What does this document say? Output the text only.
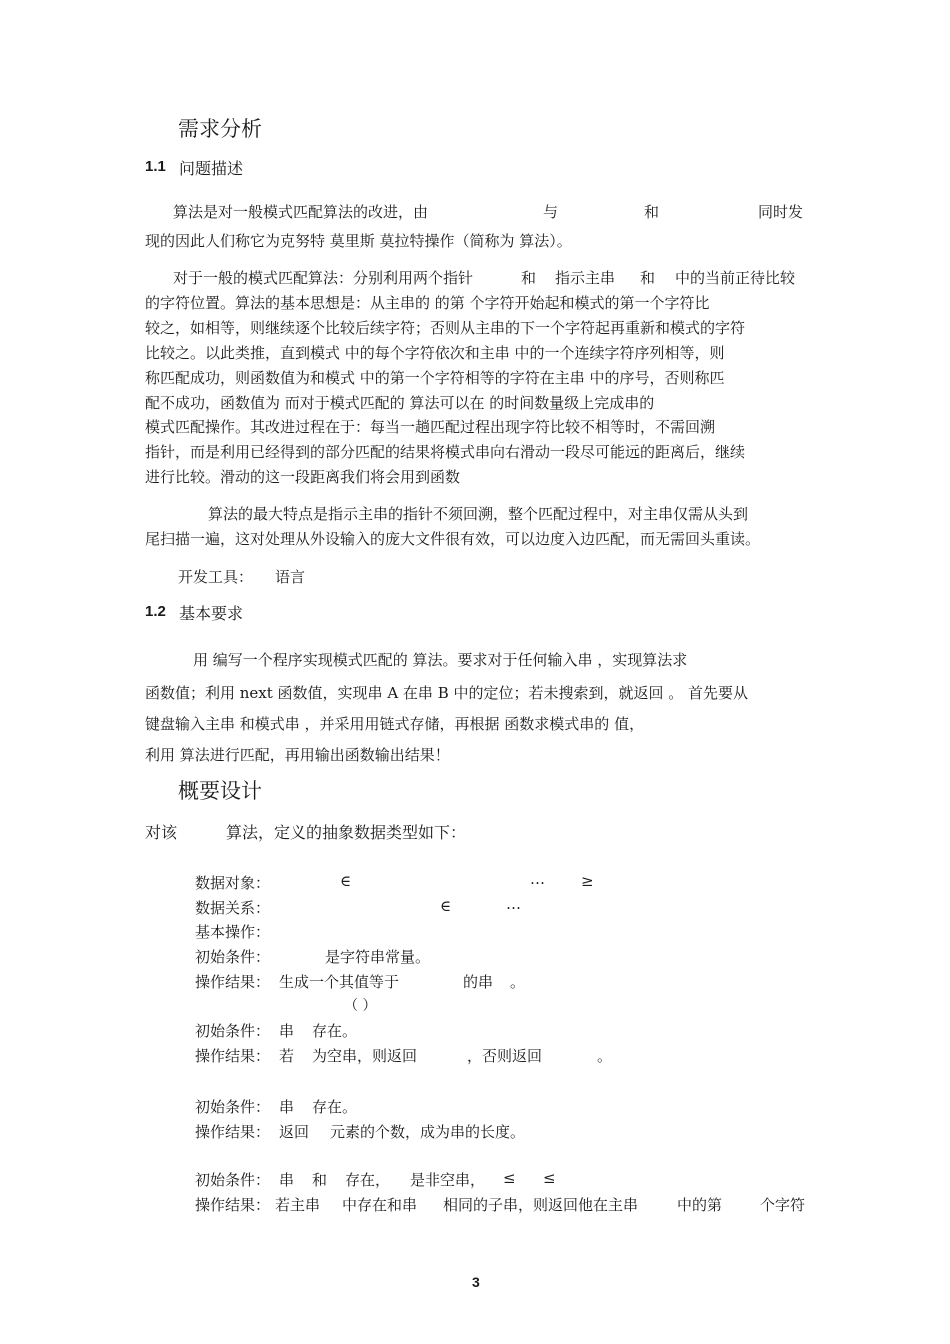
需求分析
1.1 问题描述
算法是对一般模式匹配算法的改进，由	与	和	同时发
现的因此人们称它为克努特 莫里斯 莫拉特操作（简称为 算法）。
对于一般的模式匹配算法：分别利用两个指针	和 指示主串 和 中的当前正待比较
的字符位置。算法的基本思想是：从主串的 的第 个字符开始起和模式的第一个字符比
较之，如相等，则继续逐个比较后续字符；否则从主串的下一个字符起再重新和模式的字符
比较之。以此类推，直到模式 中的每个字符依次和主串 中的一个连续字符序列相等，则
称匹配成功，则函数值为和模式 中的第一个字符相等的字符在主串 中的序号，否则称匹
配不成功，函数值为 而对于模式匹配的 算法可以在 的时间数量级上完成串的
模式匹配操作。其改进过程在于：每当一趟匹配过程出现字符比较不相等时，不需回溯
指针，而是利用已经得到的部分匹配的结果将模式串向右滑动一段尽可能远的距离后，继续
进行比较。滑动的这一段距离我们将会用到函数
算法的最大特点是指示主串的指针不须回溯，整个匹配过程中，对主串仅需从头到
尾扫描一遍，这对处理从外设输入的庞大文件很有效，可以边度入边匹配，而无需回头重读。
开发工具： 语言
1.2 基本要求
用 编写一个程序实现模式匹配的 算法。要求对于任何输入串 ，实现算法求
函数值；利用 next 函数值，实现串 A 在串 B 中的定位；若未搜索到，就返回 。 首先要从
键盘输入主串 和模式串 ，并采用用链式存储，再根据 函数求模式串的 值，
利用 算法进行匹配，再用输出函数输出结果！
概要设计
对该	算法，定义的抽象数据类型如下：
数据对象：	∈	… ≥
数据关系：	∈	…
基本操作：
初始条件：	是字符串常量。
操作结果： 生成一个其值等于	的串 。
（ ）
初始条件： 串 存在。
操作结果： 若 为空串，则返回	，否则返回	。
初始条件： 串 存在。
操作结果： 返回 元素的个数，成为串的长度。
初始条件： 串 和 存在， 是非空串， ≤ ≤
操作结果： 若主串 中存在和串 相同的子串，则返回他在主串	中的第	个字符
3
